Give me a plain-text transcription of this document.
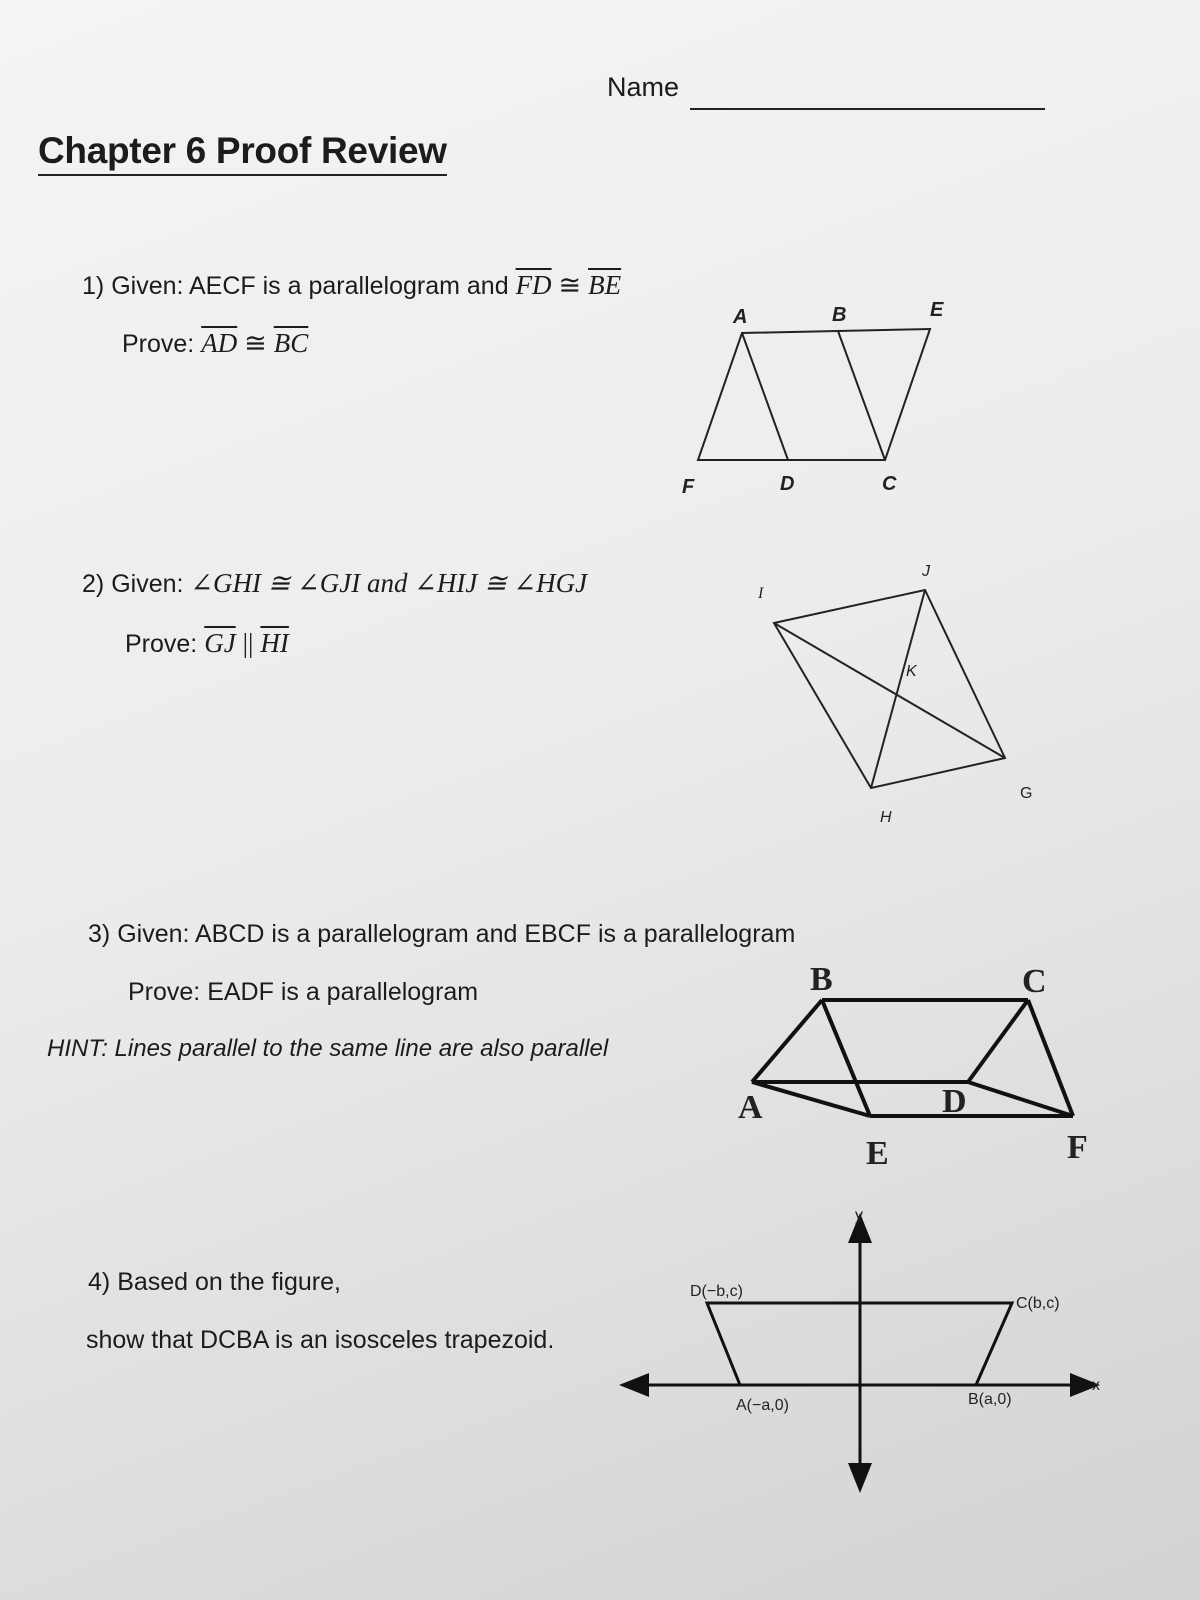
Name
Chapter 6 Proof Review
1) Given: AECF is a parallelogram and $\overline{FD}$ ≅ $\overline{BE}$
Prove: $\overline{AD}$ ≅ $\overline{BC}$
A	B	E
F	D	C
2) Given: ∠GHI ≅ ∠GJI and ∠HIJ ≅ ∠HGJ
Prove: $\overline{GJ}$ || $\overline{HI}$
I
J
K
H
G
3) Given: ABCD is a parallelogram and EBCF is a parallelogram
Prove: EADF is a parallelogram
HINT: Lines parallel to the same line are also parallel
B	C
A	D
E	F
4) Based on the figure,
show that DCBA is an isosceles trapezoid.
D(−b,c)
C(b,c)
A(−a,0)	B(a,0)
x
y
